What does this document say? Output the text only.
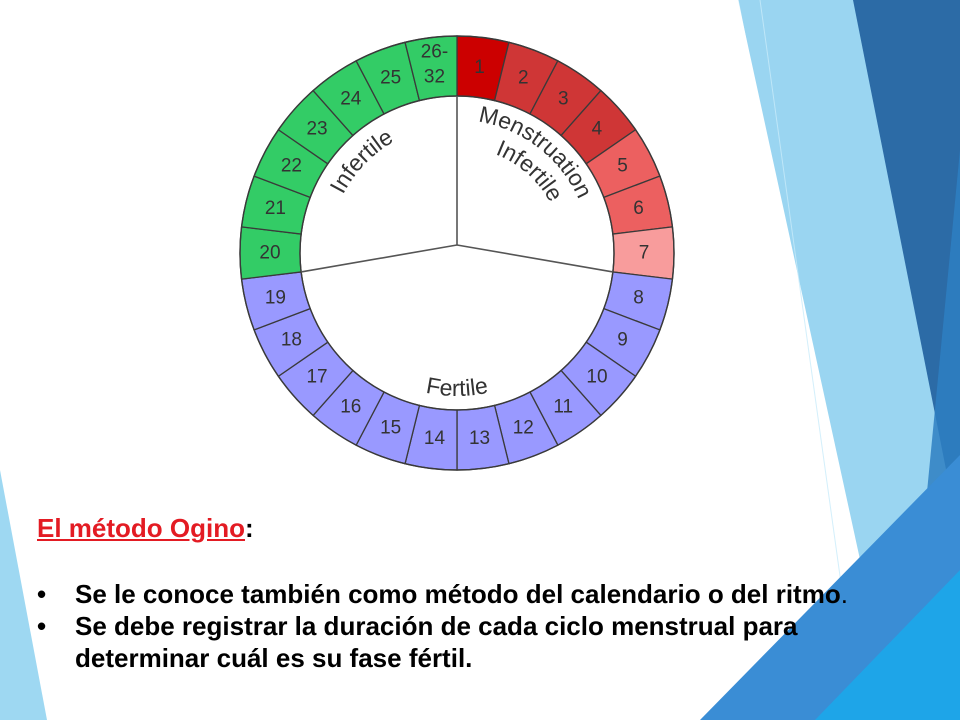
1
2
3
4
5
6
7
8
9
10
11
12
13
14
15
16
17
18
19
20
21
22
23
24
25
26-32
Menstruation
Infertile
Infertile
Fertile
El método Ogino:
• Se le conoce también como método del calendario o del ritmo.
• Se debe registrar la duración de cada ciclo menstrual para determinar cuál es su fase fértil.
